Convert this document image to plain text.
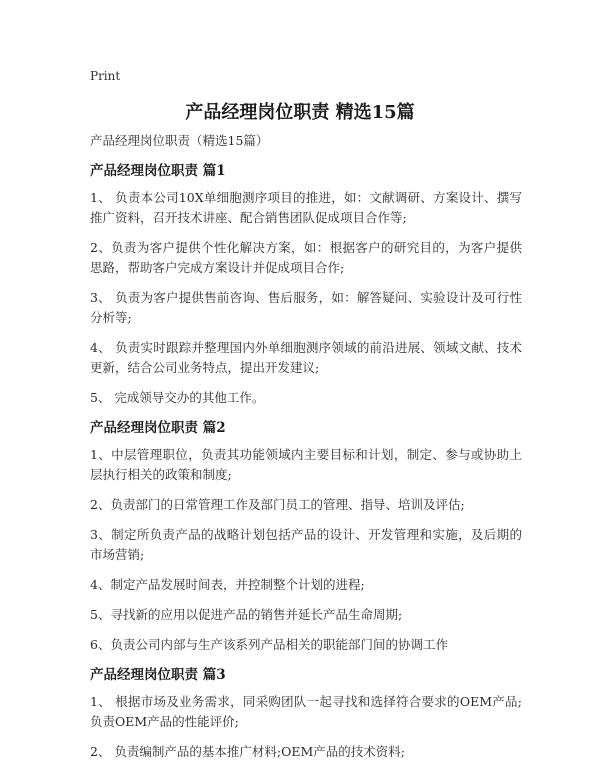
Print
产品经理岗位职责 精选15篇

产品经理岗位职责（精选15篇）

产品经理岗位职责 篇1

1、 负责本公司10X单细胞测序项目的推进，如：文献调研、方案设计、撰写推广资料，召开技术讲座、配合销售团队促成项目合作等;

2、负责为客户提供个性化解决方案，如：根据客户的研究目的，为客户提供思路，帮助客户完成方案设计并促成项目合作;

3、 负责为客户提供售前咨询、售后服务，如：解答疑问、实验设计及可行性分析等;

4、 负责实时跟踪并整理国内外单细胞测序领域的前沿进展、领域文献、技术更新，结合公司业务特点，提出开发建议;

5、 完成领导交办的其他工作。

产品经理岗位职责 篇2

1、中层管理职位，负责其功能领域内主要目标和计划，制定、参与或协助上层执行相关的政策和制度;

2、负责部门的日常管理工作及部门员工的管理、指导、培训及评估;

3、制定所负责产品的战略计划包括产品的设计、开发管理和实施，及后期的市场营销;

4、制定产品发展时间表，并控制整个计划的进程;

5、寻找新的应用以促进产品的销售并延长产品生命周期;

6、负责公司内部与生产该系列产品相关的职能部门间的协调工作

产品经理岗位职责 篇3

1、 根据市场及业务需求，同采购团队一起寻找和选择符合要求的OEM产品;负责OEM产品的性能评价;

2、 负责编制产品的基本推广材料;OEM产品的技术资料;
